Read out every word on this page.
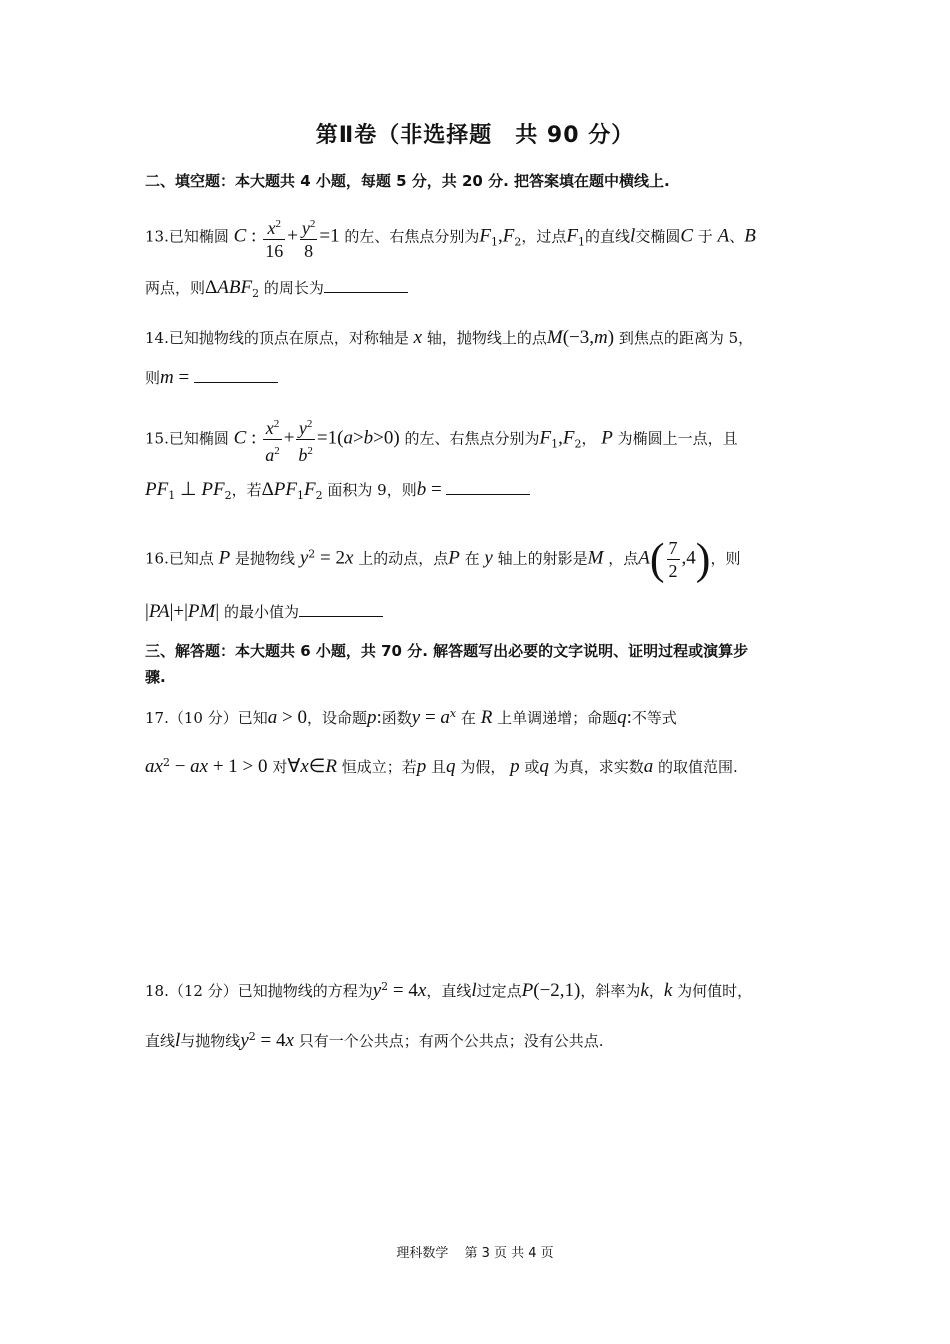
第Ⅱ卷（非选择题　共 90 分）
二、填空题：本大题共 4 小题，每题 5 分，共 20 分. 把答案填在题中横线上.
13.已知椭圆 C : $\frac{x^2}{16} + \frac{y^2}{8} =1$ 的左、右焦点分别为$F_1,F_2$，过点$F_1$的直线l交椭圆C 于 A、B
两点，则$\Delta ABF_2$ 的周长为
14.已知抛物线的顶点在原点，对称轴是 x 轴，抛物线上的点M(−3,m) 到焦点的距离为 5，
则m =
15.已知椭圆 C : $\frac{x^2}{a^2} + \frac{y^2}{b^2} =1(a>b>0)$ 的左、右焦点分别为$F_1,F_2$， P 为椭圆上一点，且
$PF_1$ ⊥ $PF_2$，若$\Delta PF_1F_2$ 面积为 9，则b =
16.已知点 P 是抛物线 $y^2 = 2x$ 上的动点，点P 在 y 轴上的射影是M ，点$A( \frac{7}{2} ,4)$，则
|PA|+|PM| 的最小值为
三、解答题：本大题共 6 小题，共 70 分. 解答题写出必要的文字说明、证明过程或演算步
骤.
17.（10 分）已知a > 0，设命题p:函数$y = a^x$ 在 R 上单调递增；命题q:不等式
$ax^2$ − ax + 1 > 0 对∀x∈R 恒成立；若p 且q 为假， p 或q 为真，求实数a 的取值范围.
18.（12 分）已知抛物线的方程为$y^2 = 4x$，直线l过定点P(−2,1)，斜率为k，k 为何值时，
直线l与抛物线$y^2 = 4x$ 只有一个公共点；有两个公共点；没有公共点.
理科数学 第 3 页 共 4 页
